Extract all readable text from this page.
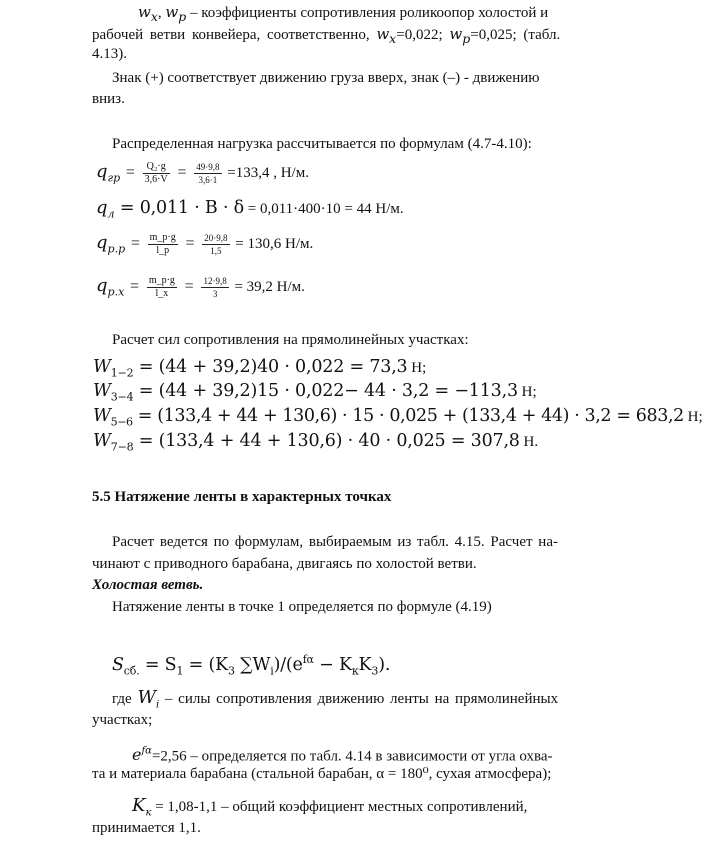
$w_х$, $w_р$ – коэффициенты сопротивления роликоопор холостой и
рабочей ветви конвейера, соответственно, $w_х=0,022$; $w_р=0,025$; (табл.
4.13).
Знак (+) соответствует движению груза вверх, знак (–) - движению
вниз.
Распределенная нагрузка рассчитывается по формулам (4.7-4.10):
$q_{гр} = \frac{\text{Q₂·g}}{3,6\cdot V} = \frac{49\cdot 9,8}{3,6\cdot 1} =133,4$ , Н/м.
$q_л = 0,011 \cdot B \cdot \delta = 0,011\cdot 400\cdot 10 = 44$ Н/м.
$q_{р.р} = \frac{m\_р\cdot g}{l\_р} = \frac{20\cdot 9,8}{1,5} = 130,6$ Н/м.
$q_{р.х} = \frac{m\_р\cdot g}{l\_х} = \frac{12\cdot 9,8}{3} = 39,2$ Н/м.
Расчет сил сопротивления на прямолинейных участках:
$W_{1-2} = (44 + 39,2)40 \cdot 0,022 = 73,3$ Н;
$W_{3-4} = (44 + 39,2)15 \cdot 0,022- 44 \cdot 3,2 = -113,3$ Н;
$W_{5-6} = (133,4 + 44 + 130,6) \cdot 15 \cdot 0,025 + (133,4 + 44) \cdot 3,2 = 683,2$ Н;
$W_{7-8} = (133,4 + 44 + 130,6) \cdot 40 \cdot 0,025 = 307,8$ Н.
5.5 Натяжение ленты в характерных точках
Расчет ведется по формулам, выбираемым из табл. 4.15. Расчет на-
чинают с приводного барабана, двигаясь по холостой ветви.
Холостая ветвь.
Натяжение ленты в точке 1 определяется по формуле (4.19)
$S_{сб.} = S_1 = (K_3$ $\sum W_i)/(e^{f\alpha} - K_кK_3)$.
где $W_i$ – силы сопротивления движению ленты на прямолинейных
участках;
$e^{f\alpha}=2,56$ – определяется по табл. 4.14 в зависимости от угла охва-
та и материала барабана (стальной барабан, α = 180⁰, сухая атмосфера);
$K_к = 1,08-1,1$ – общий коэффициент местных сопротивлений,
принимается 1,1.
